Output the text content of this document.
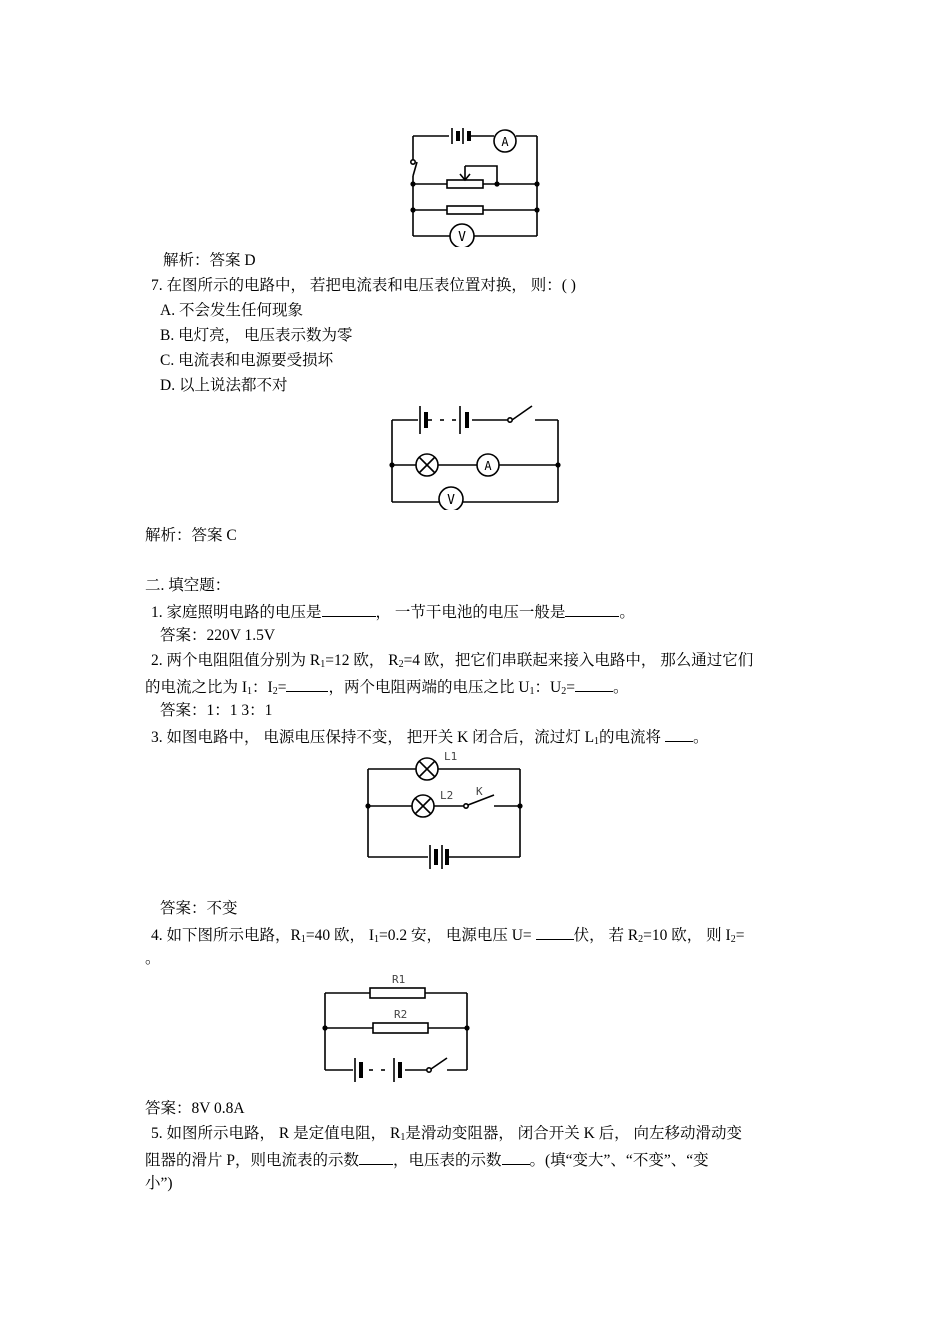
A
V
解析：答案 D
7. 在图所示的电路中， 若把电流表和电压表位置对换， 则：( )
A. 不会发生任何现象
B. 电灯亮， 电压表示数为零
C. 电流表和电源要受损坏
D. 以上说法都不对
A
V
解析：答案 C
二. 填空题：
1. 家庭照明电路的电压是	， 一节干电池的电压一般是	。
答案：220V 1.5V
2. 两个电阻阻值分别为 $R_1=12$ 欧， $R_2=4$ 欧，把它们串联起来接入电路中， 那么通过它们
的电流之比为 $I_1$：$I_2=$	，两个电阻两端的电压之比 $U_1$：$U_2=$ 。
答案：1：1 3：1
3. 如图电路中， 电源电压保持不变， 把开关 K 闭合后，流过灯 $L_1$的电流将 。
L1
L2 K
答案：不变
4. 如下图所示电路，$R_1=40$ 欧， $I_1=0.2$ 安， 电源电压 U= 伏， 若 $R_2=10$ 欧， 则 $I_2=$
。
R1
R2
答案：8V 0.8A
5. 如图所示电路， R 是定值电阻， $R_1$是滑动变阻器， 闭合开关 K 后， 向左移动滑动变
阻器的滑片 P，则电流表的示数 ，电压表的示数 。(填“变大”、“不变”、“变
小”)
